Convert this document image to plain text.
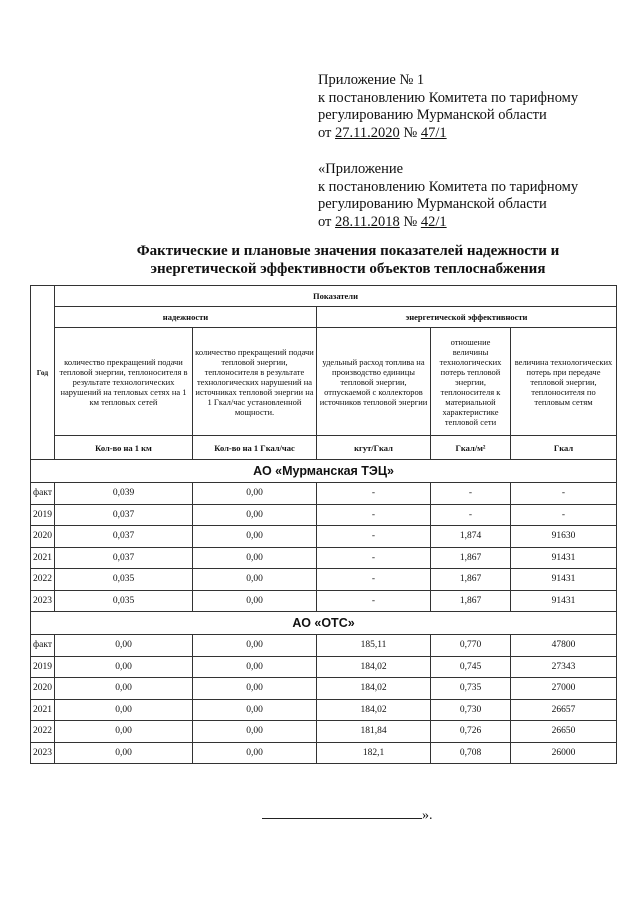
Приложение № 1
к постановлению Комитета по тарифному
регулированию Мурманской области
от 27.11.2020 № 47/1
«Приложение
к постановлению Комитета по тарифному
регулированию Мурманской области
от 28.11.2018 № 42/1
Фактические и плановые значения показателей надежности и энергетической эффективности объектов теплоснабжения
Год	Показатели				
	надежности		энергетической эффективности		
	количество прекращений подачи тепловой энергии, теплоносителя в результате технологических нарушений на тепловых сетях на 1 км тепловых сетей	количество прекращений подачи тепловой энергии, теплоносителя в результате технологических нарушений на источниках тепловой энергии на 1 Гкал/час установленной мощности.	удельный расход топлива на производство единицы тепловой энергии, отпускаемой с коллекторов источников тепловой энергии	отношение величины технологических потерь тепловой энергии, теплоносителя к материальной характеристике тепловой сети	величина технологических потерь при передаче тепловой энергии, теплоносителя по тепловым сетям
	Кол-во на 1 км	Кол-во на 1 Гкал/час	кгут/Гкал	Гкал/м²	Гкал
АО «Мурманская ТЭЦ»					
факт	0,039	0,00	-	-	-
2019	0,037	0,00	-	-	-
2020	0,037	0,00	-	1,874	91630
2021	0,037	0,00	-	1,867	91431
2022	0,035	0,00	-	1,867	91431
2023	0,035	0,00	-	1,867	91431
АО «ОТС»					
факт	0,00	0,00	185,11	0,770	47800
2019	0,00	0,00	184,02	0,745	27343
2020	0,00	0,00	184,02	0,735	27000
2021	0,00	0,00	184,02	0,730	26657
2022	0,00	0,00	181,84	0,726	26650
2023	0,00	0,00	182,1	0,708	26000
».
